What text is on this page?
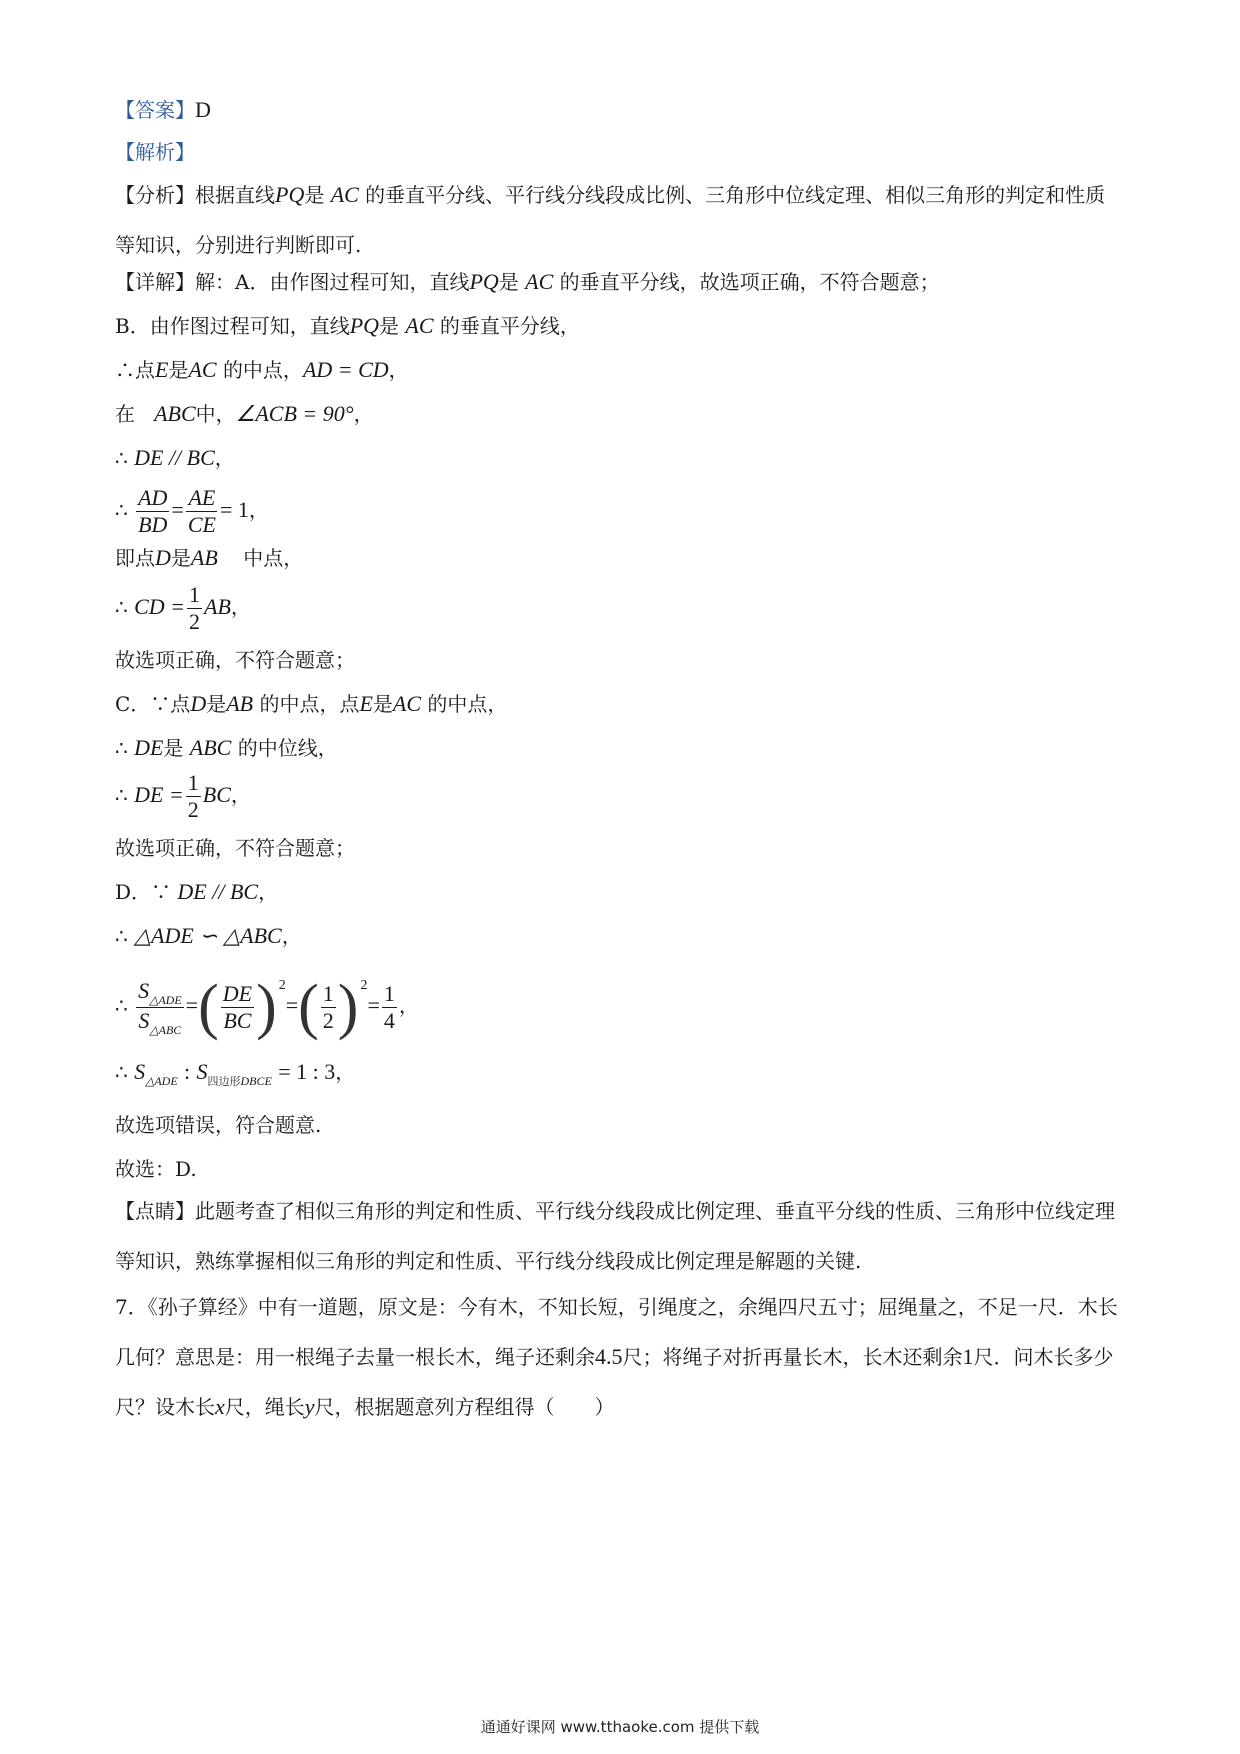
【答案】D
【解析】
【分析】根据直线PQ是 AC 的垂直平分线、平行线分线段成比例、三角形中位线定理、相似三角形的判定和性质等知识，分别进行判断即可.
【详解】解：A．由作图过程可知，直线PQ是 AC 的垂直平分线，故选项正确，不符合题意；
B．由作图过程可知，直线PQ是 AC 的垂直平分线，
∴点E是AC 的中点，AD = CD，
在 ABC中，∠ACB = 90°，
∴ DE // BC，
∴ $\frac{AD}{BD} = \frac{AE}{CE} = 1$，
即点D是AB 中点，
∴ CD = $\frac{1}{2}$ AB，
故选项正确，不符合题意；
C．∵点D是AB 的中点，点E是AC 的中点，
∴ DE是 ABC 的中位线，
∴ DE = $\frac{1}{2}$ BC，
故选项正确，不符合题意；
D．∵ DE // BC，
∴ △ADE ∽ △ABC，
∴ $\frac{S_{\triangle ADE}}{S_{\triangle ABC}}$ = ( $\frac{DE}{BC}$ ) $^2$= ( $\frac{1}{2}$ ) $^2= \frac{1}{4}$ ，
∴ $S_{\triangle ADE}$ : $S_{四边形DBCE} = 1$ : 3，
故选项错误，符合题意.
故选：D.
【点睛】此题考查了相似三角形的判定和性质、平行线分线段成比例定理、垂直平分线的性质、三角形中位线定理等知识，熟练掌握相似三角形的判定和性质、平行线分线段成比例定理是解题的关键.
7．《孙子算经》中有一道题，原文是：今有木，不知长短，引绳度之，余绳四尺五寸；屈绳量之，不足一尺．木长几何？意思是：用一根绳子去量一根长木，绳子还剩余4.5尺；将绳子对折再量长木，长木还剩余1尺．问木长多少尺？设木长x尺，绳长y尺，根据题意列方程组得（　　）
通通好课网 www.tthaoke.com 提供下载
